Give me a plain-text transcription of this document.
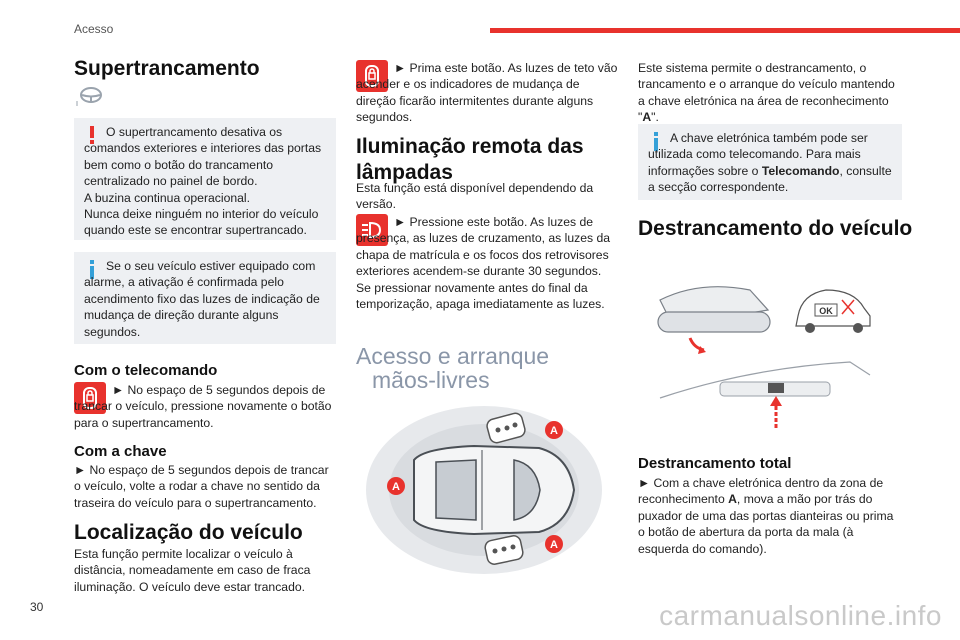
Acesso
Supertrancamento
O supertrancamento desativa os comandos exteriores e interiores das portas bem como o botão do trancamento centralizado no painel de bordo.
A buzina continua operacional.
Nunca deixe ninguém no interior do veículo quando este se encontrar supertrancado.
Se o seu veículo estiver equipado com alarme, a ativação é confirmada pelo acendimento fixo das luzes de indicação de mudança de direção durante alguns segundos.
Com o telecomando
► No espaço de 5 segundos depois de trancar o veículo, pressione novamente o botão para o supertrancamento.
Com a chave
► No espaço de 5 segundos depois de trancar o veículo, volte a rodar a chave no sentido da traseira do veículo para o supertrancamento.
Localização do veículo
Esta função permite localizar o veículo à distância, nomeadamente em caso de fraca iluminação. O veículo deve estar trancado.
► Prima este botão. As luzes de teto vão acender e os indicadores de mudança de direção ficarão intermitentes durante alguns segundos.
Iluminação remota das lâmpadas
Esta função está disponível dependendo da versão.
► Pressione este botão. As luzes de presença, as luzes de cruzamento, as luzes da chapa de matrícula e os focos dos retrovisores exteriores acendem-se durante 30 segundos.
Se pressionar novamente antes do final da temporização, apaga imediatamente as luzes.
Acesso e arranque
mãos-livres
A
A
A
Este sistema permite o destrancamento, o trancamento e o arranque do veículo mantendo a chave eletrónica na área de reconhecimento "A".
A chave eletrónica também pode ser utilizada como telecomando. Para mais informações sobre o Telecomando, consulte a secção correspondente.
Destrancamento do veículo
OK
Destrancamento total
► Com a chave eletrónica dentro da zona de reconhecimento A, mova a mão por trás do puxador de uma das portas dianteiras ou prima o botão de abertura da porta da mala (à esquerda do comando).
30	carmanualsonline.info
